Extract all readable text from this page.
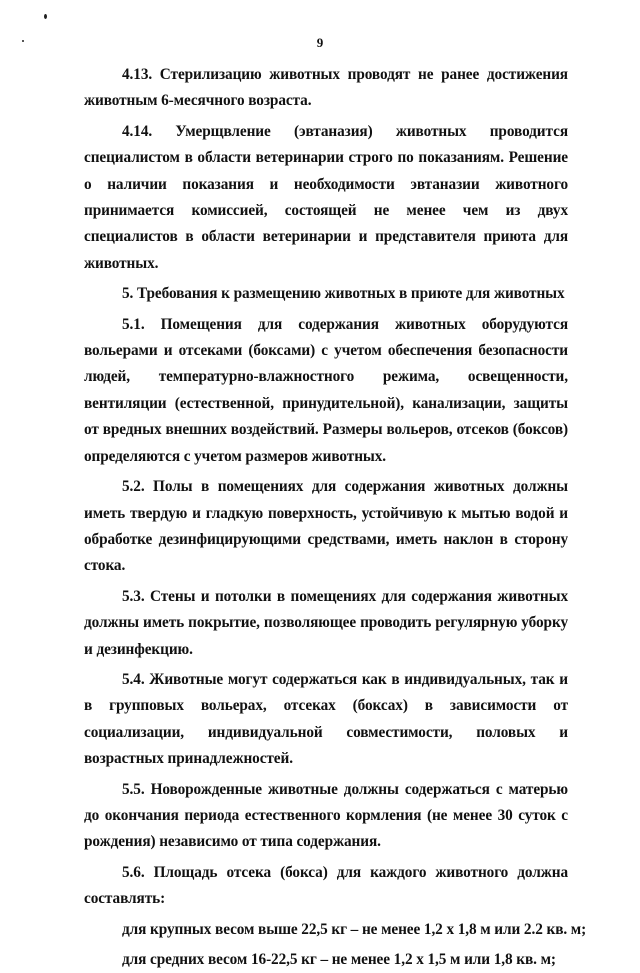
9

4.13. Стерилизацию животных проводят не ранее достижения животным 6-месячного возраста.

4.14. Умерщвление (эвтаназия) животных проводится специалистом в области ветеринарии строго по показаниям. Решение о наличии показания и необходимости эвтаназии животного принимается комиссией, состоящей не менее чем из двух специалистов в области ветеринарии и представителя приюта для животных.

5. Требования к размещению животных в приюте для животных

5.1. Помещения для содержания животных оборудуются вольерами и отсеками (боксами) с учетом обеспечения безопасности людей, температурно-влажностного режима, освещенности, вентиляции (естественной, принудительной), канализации, защиты от вредных внешних воздействий. Размеры вольеров, отсеков (боксов) определяются с учетом размеров животных.

5.2. Полы в помещениях для содержания животных должны иметь твердую и гладкую поверхность, устойчивую к мытью водой и обработке дезинфицирующими средствами, иметь наклон в сторону стока.

5.3. Стены и потолки в помещениях для содержания животных должны иметь покрытие, позволяющее проводить регулярную уборку и дезинфекцию.

5.4. Животные могут содержаться как в индивидуальных, так и в групповых вольерах, отсеках (боксах) в зависимости от социализации, индивидуальной совместимости, половых и возрастных принадлежностей.

5.5. Новорожденные животные должны содержаться с матерью до окончания периода естественного кормления (не менее 30 суток с рождения) независимо от типа содержания.

5.6. Площадь отсека (бокса) для каждого животного должна составлять:

для крупных весом выше 22,5 кг – не менее 1,2 х 1,8 м или 2.2 кв. м;

для средних весом 16-22,5 кг – не менее 1,2 х 1,5 м или 1,8 кв. м;
